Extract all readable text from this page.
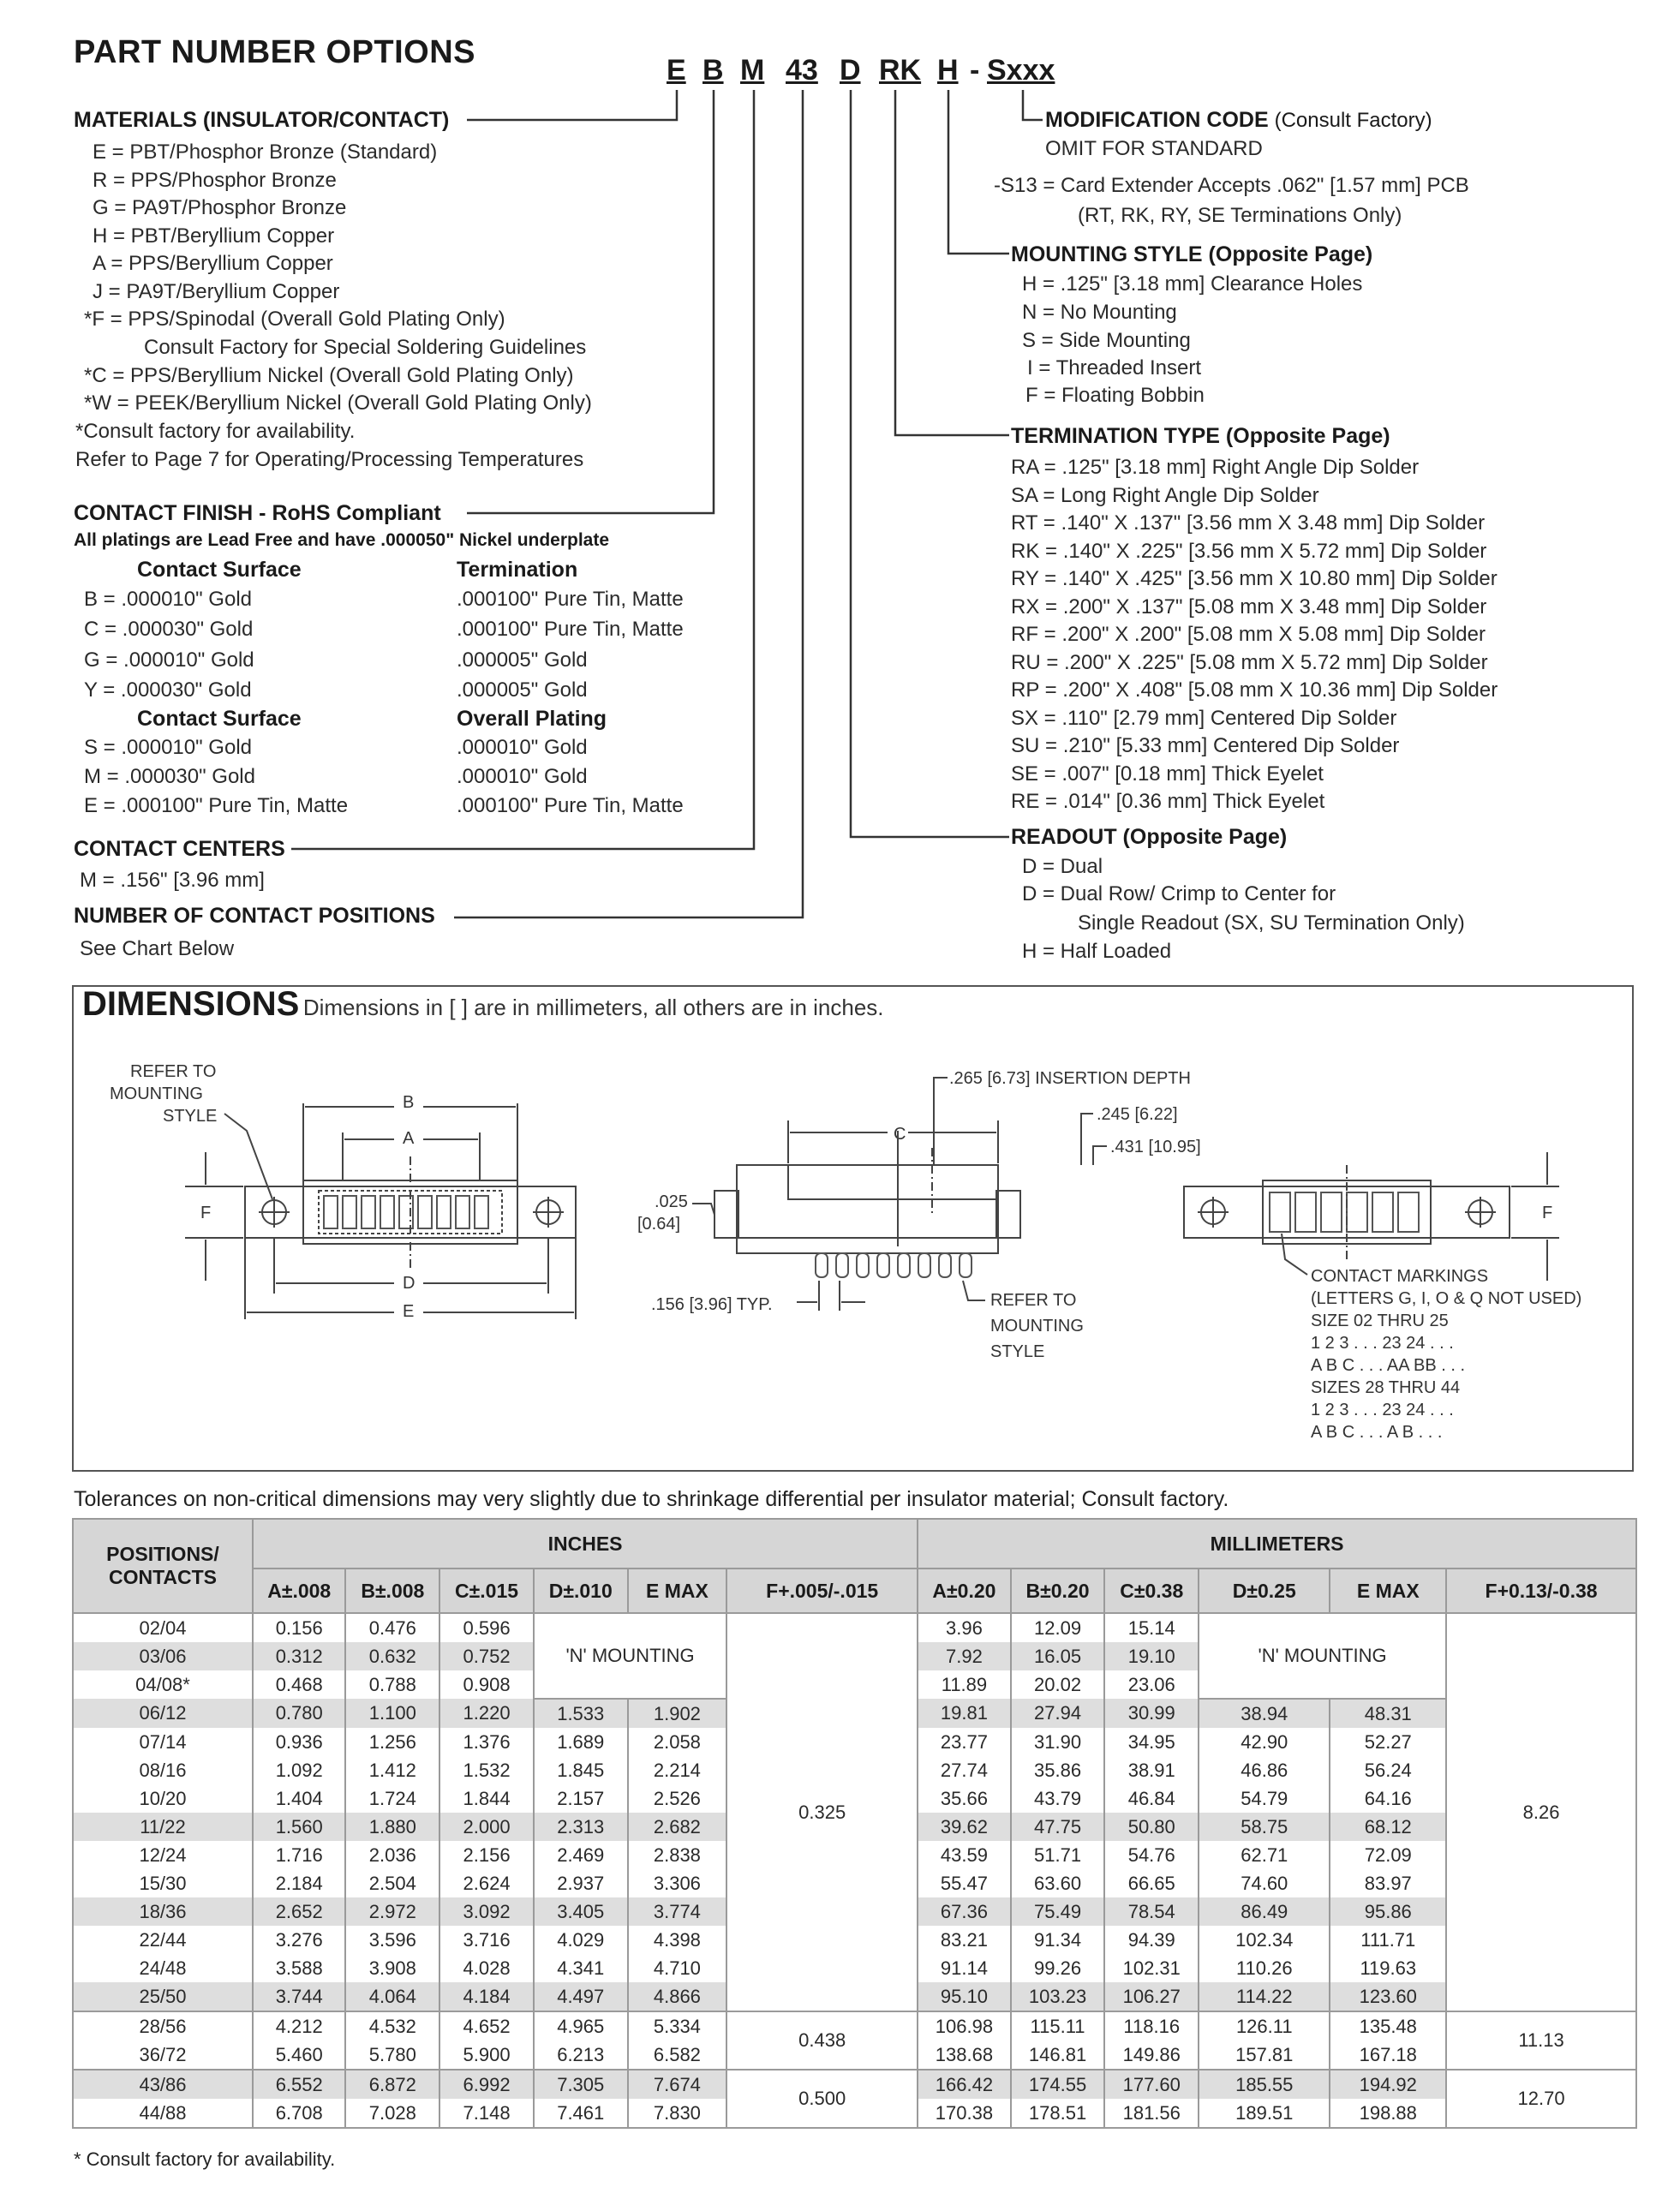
PART NUMBER OPTIONS	E B M 43 D RK H - Sxxx
MATERIALS (INSULATOR/CONTACT)
E = PBT/Phosphor Bronze (Standard)
R = PPS/Phosphor Bronze
G = PA9T/Phosphor Bronze
H = PBT/Beryllium Copper
A = PPS/Beryllium Copper
J = PA9T/Beryllium Copper
*F = PPS/Spinodal (Overall Gold Plating Only)
Consult Factory for Special Soldering Guidelines
*C = PPS/Beryllium Nickel (Overall Gold Plating Only)
*W = PEEK/Beryllium Nickel (Overall Gold Plating Only)
*Consult factory for availability.
Refer to Page 7 for Operating/Processing Temperatures
CONTACT FINISH - RoHS Compliant
All platings are Lead Free and have .000050" Nickel underplate
Contact Surface	Termination
B = .000010" Gold	.000100" Pure Tin, Matte
C = .000030" Gold	.000100" Pure Tin, Matte
G = .000010" Gold	.000005" Gold
Y = .000030" Gold	.000005" Gold
Contact Surface	Overall Plating
S = .000010" Gold	.000010" Gold
M = .000030" Gold	.000010" Gold
E = .000100" Pure Tin, Matte	.000100" Pure Tin, Matte
CONTACT CENTERS
M = .156" [3.96 mm]
NUMBER OF CONTACT POSITIONS
See Chart Below
MODIFICATION CODE (Consult Factory)
OMIT FOR STANDARD
-S13 = Card Extender Accepts .062" [1.57 mm] PCB
(RT, RK, RY, SE Terminations Only)
MOUNTING STYLE (Opposite Page)
H = .125" [3.18 mm] Clearance Holes
N = No Mounting
S = Side Mounting
I = Threaded Insert
F = Floating Bobbin
TERMINATION TYPE (Opposite Page)
RA = .125" [3.18 mm] Right Angle Dip Solder
SA = Long Right Angle Dip Solder
RT = .140" X .137" [3.56 mm X 3.48 mm] Dip Solder
RK = .140" X .225" [3.56 mm X 5.72 mm] Dip Solder
RY = .140" X .425" [3.56 mm X 10.80 mm] Dip Solder
RX = .200" X .137" [5.08 mm X 3.48 mm] Dip Solder
RF = .200" X .200" [5.08 mm X 5.08 mm] Dip Solder
RU = .200" X .225" [5.08 mm X 5.72 mm] Dip Solder
RP = .200" X .408" [5.08 mm X 10.36 mm] Dip Solder
SX = .110" [2.79 mm] Centered Dip Solder
SU = .210" [5.33 mm] Centered Dip Solder
SE = .007" [0.18 mm] Thick Eyelet
RE = .014" [0.36 mm] Thick Eyelet
READOUT (Opposite Page)
D = Dual
D = Dual Row/ Crimp to Center for
Single Readout (SX, SU Termination Only)
H = Half Loaded
DIMENSIONS Dimensions in [ ] are in millimeters, all others are in inches.
REFER TO
MOUNTING
STYLE
B
A
F
D
E
C
.265 [6.73] INSERTION DEPTH
.245 [6.22]
.431 [10.95]
.025
[0.64]
.156 [3.96] TYP.	REFER TO
MOUNTING
STYLE
F
CONTACT MARKINGS
(LETTERS G, I, O & Q NOT USED)
SIZE 02 THRU 25
1 2 3 . . . 23 24 . . .
A B C . . . AA BB . . .
SIZES 28 THRU 44
1 2 3 . . . 23 24 . . .
A B C . . . A B . . .
Tolerances on non-critical dimensions may very slightly due to shrinkage differential per insulator material; Consult factory.
POSITIONS/
CONTACTS	INCHES						MILLIMETERS					
	A±.008	B±.008	C±.015	D±.010	E MAX	F+.005/-.015	A±0.20	B±0.20	C±0.38	D±0.25	E MAX	F+0.13/-0.38
02/04	0.156	0.476	0.596	'N' MOUNTING		0.325	3.96	12.09	15.14	'N' MOUNTING		8.26
03/06	0.312	0.632	0.752				7.92	16.05	19.10			
04/08*	0.468	0.788	0.908				11.89	20.02	23.06			
06/12	0.780	1.100	1.220	1.533	1.902		19.81	27.94	30.99	38.94	48.31	
07/14	0.936	1.256	1.376	1.689	2.058		23.77	31.90	34.95	42.90	52.27	
08/16	1.092	1.412	1.532	1.845	2.214		27.74	35.86	38.91	46.86	56.24	
10/20	1.404	1.724	1.844	2.157	2.526		35.66	43.79	46.84	54.79	64.16	
11/22	1.560	1.880	2.000	2.313	2.682		39.62	47.75	50.80	58.75	68.12	
12/24	1.716	2.036	2.156	2.469	2.838		43.59	51.71	54.76	62.71	72.09	
15/30	2.184	2.504	2.624	2.937	3.306		55.47	63.60	66.65	74.60	83.97	
18/36	2.652	2.972	3.092	3.405	3.774		67.36	75.49	78.54	86.49	95.86	
22/44	3.276	3.596	3.716	4.029	4.398		83.21	91.34	94.39	102.34	111.71	
24/48	3.588	3.908	4.028	4.341	4.710		91.14	99.26	102.31	110.26	119.63	
25/50	3.744	4.064	4.184	4.497	4.866		95.10	103.23	106.27	114.22	123.60	
28/56	4.212	4.532	4.652	4.965	5.334	0.438	106.98	115.11	118.16	126.11	135.48	11.13
36/72	5.460	5.780	5.900	6.213	6.582		138.68	146.81	149.86	157.81	167.18	
43/86	6.552	6.872	6.992	7.305	7.674	0.500	166.42	174.55	177.60	185.55	194.92	12.70
44/88	6.708	7.028	7.148	7.461	7.830		170.38	178.51	181.56	189.51	198.88	
* Consult factory for availability.
